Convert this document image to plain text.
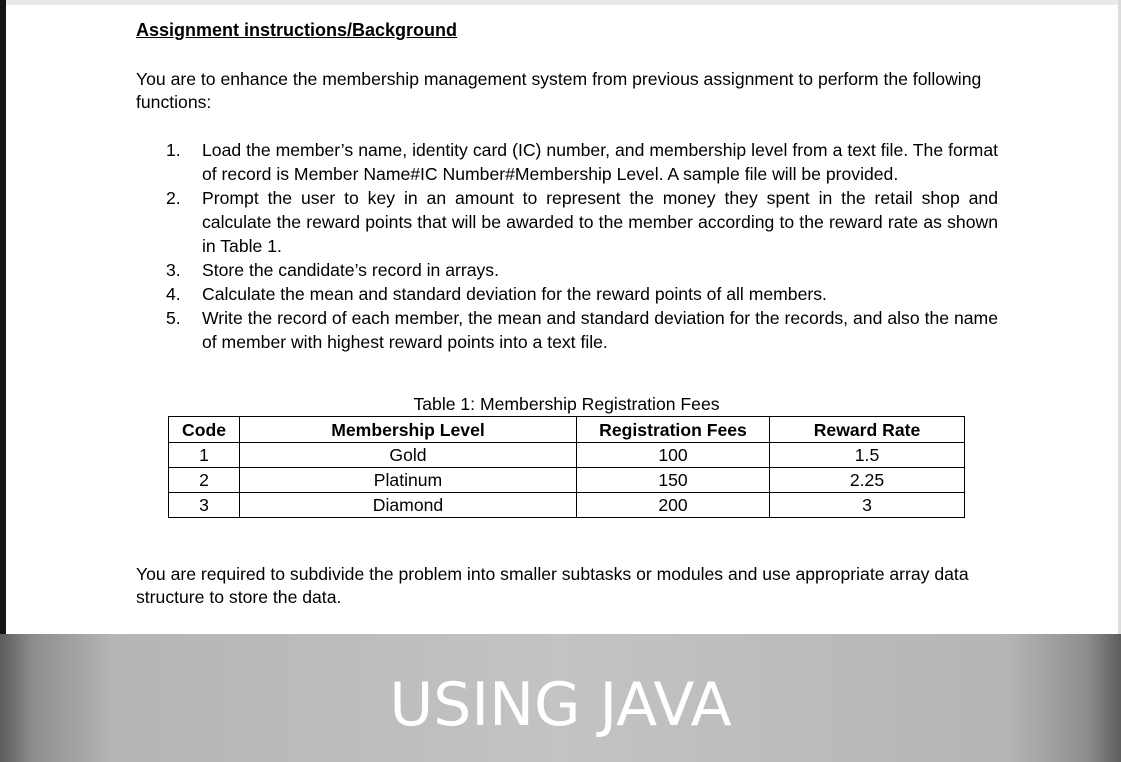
Assignment instructions/Background

You are to enhance the membership management system from previous assignment to perform the following functions:

1.	Load the member’s name, identity card (IC) number, and membership level from a text file. The format of record is Member Name#IC Number#Membership Level. A sample file will be provided.
2.	Prompt the user to key in an amount to represent the money they spent in the retail shop and calculate the reward points that will be awarded to the member according to the reward rate as shown in Table 1.
3.	Store the candidate’s record in arrays.
4.	Calculate the mean and standard deviation for the reward points of all members.
5.	Write the record of each member, the mean and standard deviation for the records, and also the name of member with highest reward points into a text file.

Table 1: Membership Registration Fees

Code	Membership Level	Registration Fees	Reward Rate
1	Gold	100	1.5
2	Platinum	150	2.25
3	Diamond	200	3

You are required to subdivide the problem into smaller subtasks or modules and use appropriate array data structure to store the data.

USING JAVA
